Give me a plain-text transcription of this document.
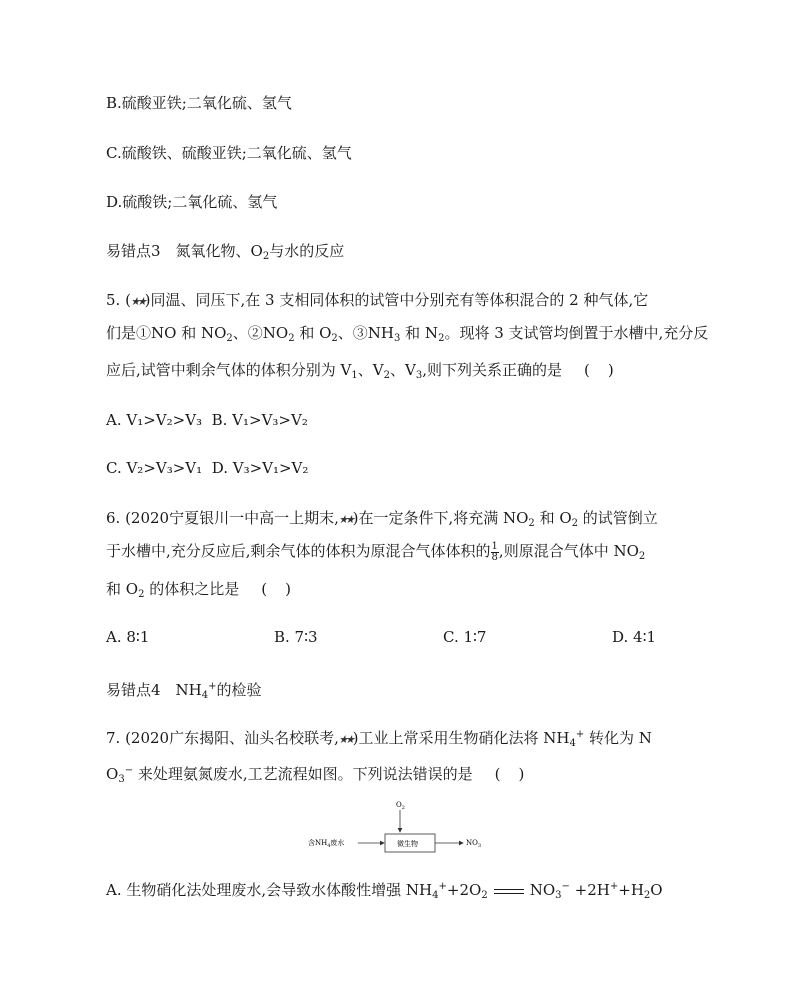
B.硫酸亚铁;二氧化硫、氢气
C.硫酸铁、硫酸亚铁;二氧化硫、氢气
D.硫酸铁;二氧化硫、氢气
易错点3　氮氧化物、$O_2$与水的反应
5. (★★)同温、同压下,在 3 支相同体积的试管中分别充有等体积混合的 2 种气体,它
们是①NO 和 $NO_2$、$②NO_2$ 和 $O_2$、$③NH_3$ 和 $N_2$。现将 3 支试管均倒置于水槽中,充分反
应后,试管中剩余气体的体积分别为 $V_1$、$V_2$、$V_3$,则下列关系正确的是 ()
A. V₁>V₂>V₃ B. V₁>V₃>V₂
C. V₂>V₃>V₁ D. V₃>V₁>V₂
6. (2020宁夏银川一中高一上期末,★★)在一定条件下,将充满 $NO_2$ 和 $O_2$ 的试管倒立
于水槽中,充分反应后,剩余气体的体积为原混合气体体积的 $\frac{1}{8}$ ,则原混合气体中 $NO_2$
和 $O_2$ 的体积之比是 ()
A. 8∶1	B. 7∶3	C. 1∶7	D. 4∶1
易错点4　$NH_4^+$的检验
7. (2020广东揭阳、汕头名校联考,★★)工业上常采用生物硝化法将 $NH_4^+$ 转化为 N
$O_3^-$ 来处理氨氮废水,工艺流程如图。下列说法错误的是 ()
$O_2$
含$NH_4$废水	微生物	$NO_3$
A. 生物硝化法处理废水,会导致水体酸性增强 $NH_4^++2O_2$	$NO_3^- +2H^++H_2O$
